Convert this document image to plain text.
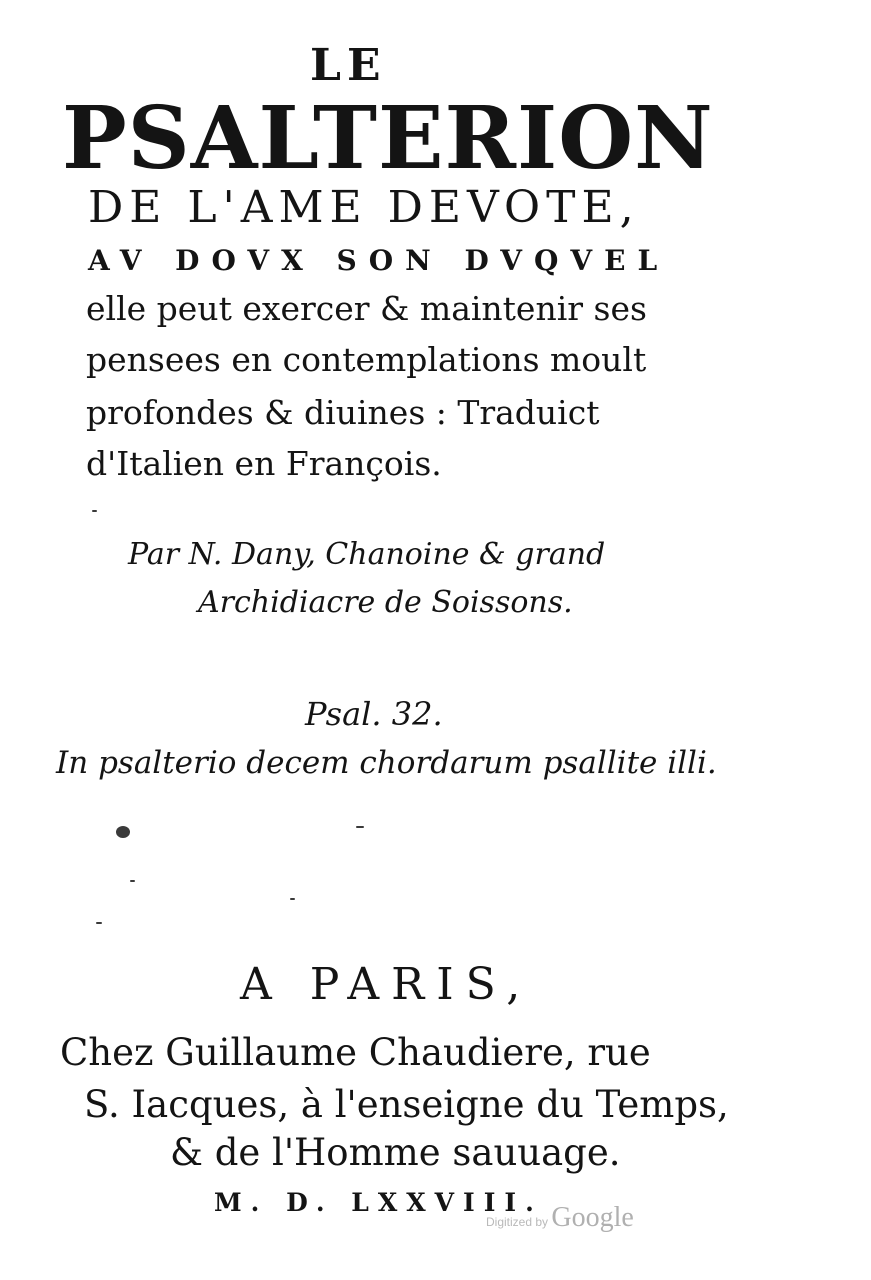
LE

PSALTERION

DE L'AME DEVOTE,

AV DOVX SON DVQVEL

elle peut exercer & maintenir ses

pensees en contemplations moult

profondes & diuines : Traduict

d'Italien en François.

Par N. Dany, Chanoine & grand

Archidiacre de Soissons.

Psal. 32.

In psalterio decem chordarum psallite illi.

A PARIS,

Chez Guillaume Chaudiere, rue

S. Iacques, à l'enseigne du Temps,

& de l'Homme sauuage.

M. D. LXXVIII.

Digitized by Google
